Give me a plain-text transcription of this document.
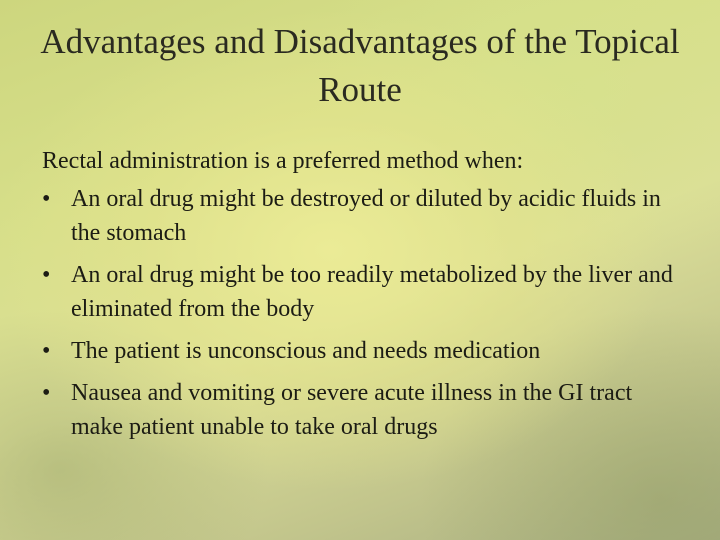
Advantages and Disadvantages of the Topical Route

Rectal administration is a preferred method when:

• An oral drug might be destroyed or diluted by acidic fluids in the stomach
• An oral drug might be too readily metabolized by the liver and eliminated from the body
• The patient is unconscious and needs medication
• Nausea and vomiting or severe acute illness in the GI tract make patient unable to take oral drugs
